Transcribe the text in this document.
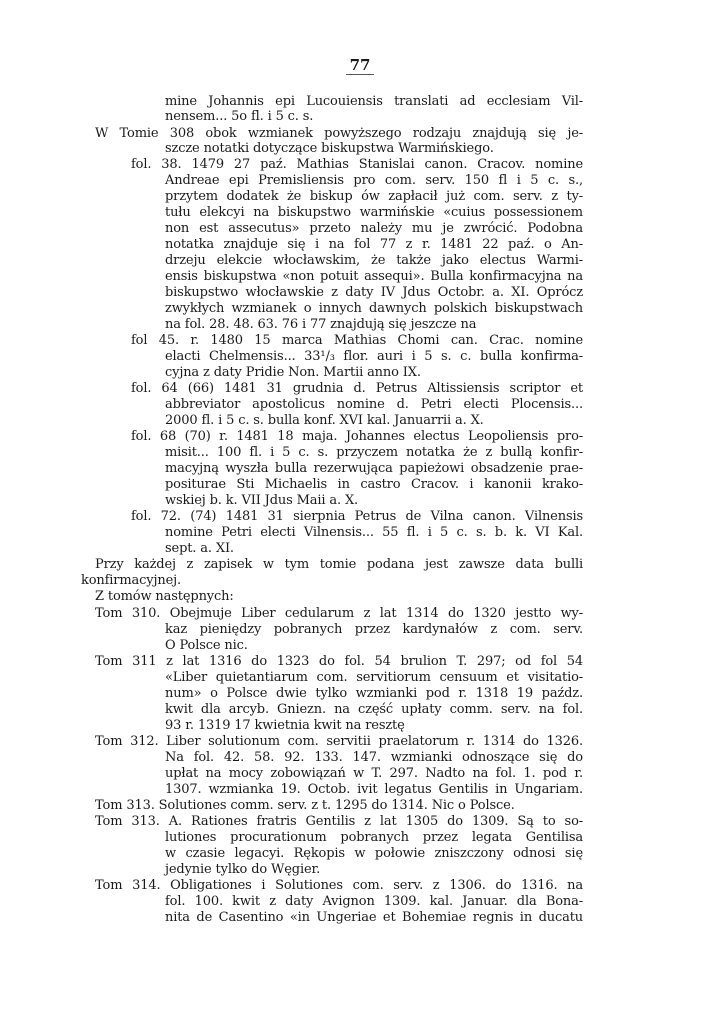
77
mine Johannis epi Lucouiensis translati ad ecclesiam Vil-
nensem... 5o fl. i 5 c. s.
W Tomie 308 obok wzmianek powyższego rodzaju znajdują się je-
szcze notatki dotyczące biskupstwa Warmińskiego.
fol. 38. 1479 27 paź. Mathias Stanislai canon. Cracov. nomine
Andreae epi Premisliensis pro com. serv. 150 fl i 5 c. s.,
przytem dodatek że biskup ów zapłacił już com. serv. z ty-
tułu elekcyi na biskupstwo warmińskie «cuius possessionem
non est assecutus» przeto należy mu je zwrócić. Podobna
notatka znajduje się i na fol 77 z r. 1481 22 paź. o An-
drzeju elekcie włocławskim, że także jako electus Warmi-
ensis biskupstwa «non potuit assequi». Bulla konfirmacyjna na
biskupstwo włocławskie z daty IV Jdus Octobr. a. XI. Oprócz
zwykłych wzmianek o innych dawnych polskich biskupstwach
na fol. 28. 48. 63. 76 i 77 znajdują się jeszcze na
fol 45. r. 1480 15 marca Mathias Chomi can. Crac. nomine
elacti Chelmensis... 33¹/₃ flor. auri i 5 s. c. bulla konfirma-
cyjna z daty Pridie Non. Martii anno IX.
fol. 64 (66) 1481 31 grudnia d. Petrus Altissiensis scriptor et
abbreviator apostolicus nomine d. Petri electi Plocensis...
2000 fl. i 5 c. s. bulla konf. XVI kal. Januarrii a. X.
fol. 68 (70) r. 1481 18 maja. Johannes electus Leopoliensis pro-
misit... 100 fl. i 5 c. s. przyczem notatka że z bullą konfir-
macyjną wyszła bulla rezerwująca papieżowi obsadzenie prae-
positurae Sti Michaelis in castro Cracov. i kanonii krako-
wskiej b. k. VII Jdus Maii a. X.
fol. 72. (74) 1481 31 sierpnia Petrus de Vilna canon. Vilnensis
nomine Petri electi Vilnensis... 55 fl. i 5 c. s. b. k. VI Kal.
sept. a. XI.
Przy każdej z zapisek w tym tomie podana jest zawsze data bulli
konfirmacyjnej.
Z tomów następnych:
Tom 310. Obejmuje Liber cedularum z lat 1314 do 1320 jestto wy-
kaz pieniędzy pobranych przez kardynałów z com. serv.
O Polsce nic.
Tom 311 z lat 1316 do 1323 do fol. 54 brulion T. 297; od fol 54
«Liber quietantiarum com. servitiorum censuum et visitatio-
num» o Polsce dwie tylko wzmianki pod r. 1318 19 paźdz.
kwit dla arcyb. Gniezn. na część upłaty comm. serv. na fol.
93 r. 1319 17 kwietnia kwit na resztę
Tom 312. Liber solutionum com. servitii praelatorum r. 1314 do 1326.
Na fol. 42. 58. 92. 133. 147. wzmianki odnoszące się do
upłat na mocy zobowiązań w T. 297. Nadto na fol. 1. pod r.
1307. wzmianka 19. Octob. ivit legatus Gentilis in Ungariam.
Tom 313. Solutiones comm. serv. z t. 1295 do 1314. Nic o Polsce.
Tom 313. A. Rationes fratris Gentilis z lat 1305 do 1309. Są to so-
lutiones procurationum pobranych przez legata Gentilisa
w czasie legacyi. Rękopis w połowie zniszczony odnosi się
jedynie tylko do Węgier.
Tom 314. Obligationes i Solutiones com. serv. z 1306. do 1316. na
fol. 100. kwit z daty Avignon 1309. kal. Januar. dla Bona-
nita de Casentino «in Ungeriae et Bohemiae regnis in ducatu
